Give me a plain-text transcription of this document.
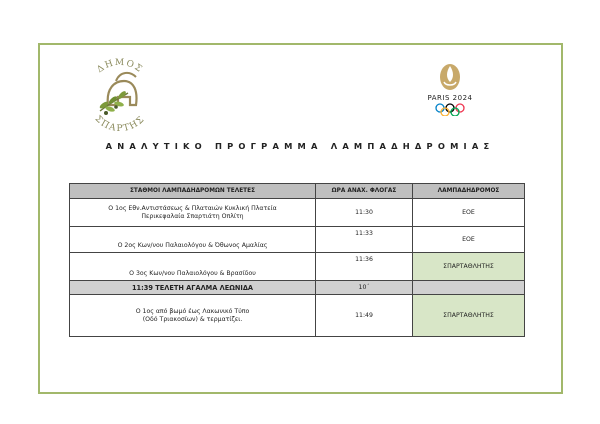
ΔΗΜΟΣ
ΣΠΑΡΤΗΣ
PARIS 2024
ΑΝΑΛΥΤΙΚΟ ΠΡΟΓΡΑΜΜΑ ΛΑΜΠΑΔΗΔΡΟΜΙΑΣ
ΣΤΑΘΜΟΙ ΛΑΜΠΑΔΗΔΡΟΜΩΝ ΤΕΛΕΤΕΣ	ΩΡΑ ΑΝΑΧ. ΦΛΟΓΑΣ	ΛΑΜΠΑΔΗΔΡΟΜΟΣ

Ο 1ος Εθν.Αντιστάσεως & Πλαταιών Κυκλική Πλατεία
Περικεφαλαία Σπαρτιάτη Οπλίτη	11:30	ΕΟΕ
Ο 2ος Κων/νου Παλαιολόγου & Όθωνος Αμαλίας	11:33	ΕΟΕ
Ο 3ος Κων/νου Παλαιολόγου & Βρασίδου	11:36	ΣΠΑΡΤΑΘΛΗΤΗΣ
11:39 ΤΕΛΕΤΗ ΑΓΑΛΜΑ ΛΕΩΝΙΔΑ	10΄	

Ο 1ος από βωμό έως Λακωνικό Τύπο
(Οδό Τριακοσίων) & τερματίζει.	11:49	ΣΠΑΡΤΑΘΛΗΤΗΣ
